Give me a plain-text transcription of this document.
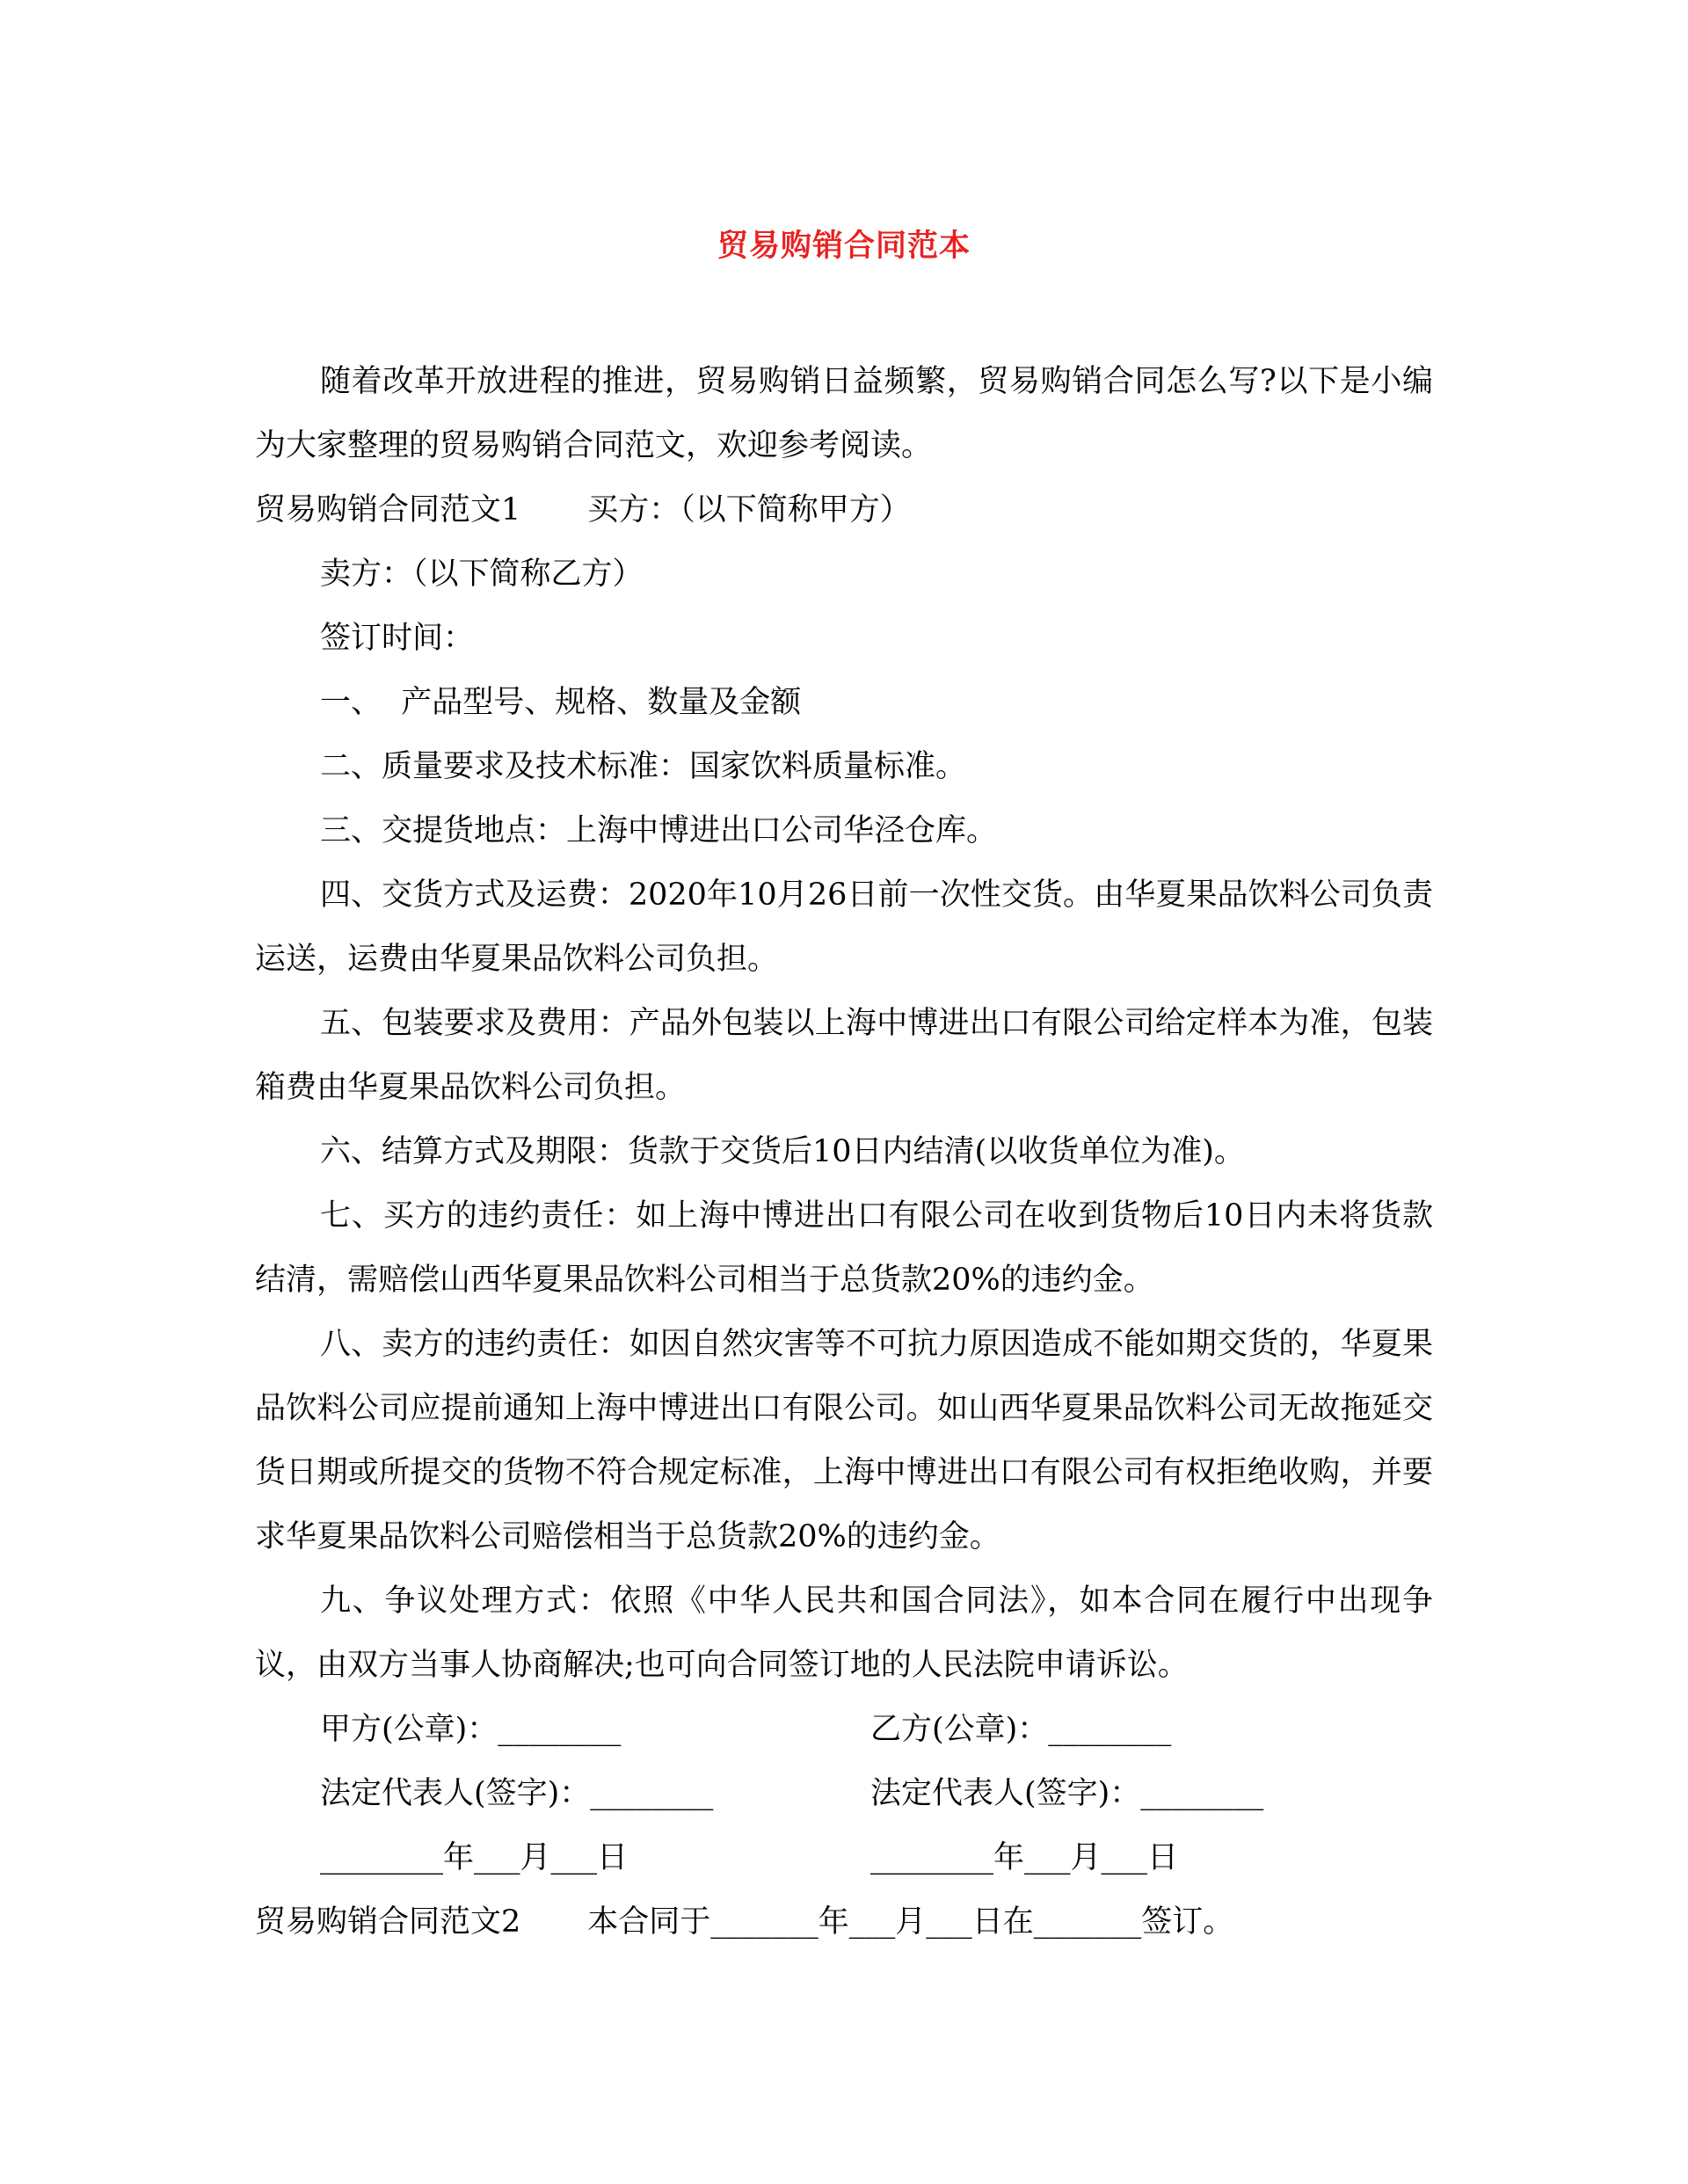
贸易购销合同范本

随着改革开放进程的推进，贸易购销日益频繁，贸易购销合同怎么写?以下是小编为大家整理的贸易购销合同范文，欢迎参考阅读。

贸易购销合同范文1 买方：（以下简称甲方）

卖方：（以下简称乙方）

签订时间：

一、  产品型号、规格、数量及金额

二、质量要求及技术标准：国家饮料质量标准。

三、交提货地点：上海中博进出口公司华泾仓库。

四、交货方式及运费：2020年10月26日前一次性交货。由华夏果品饮料公司负责运送，运费由华夏果品饮料公司负担。

五、包装要求及费用：产品外包装以上海中博进出口有限公司给定样本为准，包装箱费由华夏果品饮料公司负担。

六、结算方式及期限：货款于交货后10日内结清(以收货单位为准)。

七、买方的违约责任：如上海中博进出口有限公司在收到货物后10日内未将货款结清，需赔偿山西华夏果品饮料公司相当于总货款20%的违约金。

八、卖方的违约责任：如因自然灾害等不可抗力原因造成不能如期交货的，华夏果品饮料公司应提前通知上海中博进出口有限公司。如山西华夏果品饮料公司无故拖延交货日期或所提交的货物不符合规定标准，上海中博进出口有限公司有权拒绝收购，并要求华夏果品饮料公司赔偿相当于总货款20%的违约金。

九、争议处理方式：依照《中华人民共和国合同法》，如本合同在履行中出现争议，由双方当事人协商解决;也可向合同签订地的人民法院申请诉讼。

甲方(公章)：________	乙方(公章)：________
法定代表人(签字)：________	法定代表人(签字)：________
________年___月___日	________年___月___日

贸易购销合同范文2 本合同于_______年___月___日在_______签订。
